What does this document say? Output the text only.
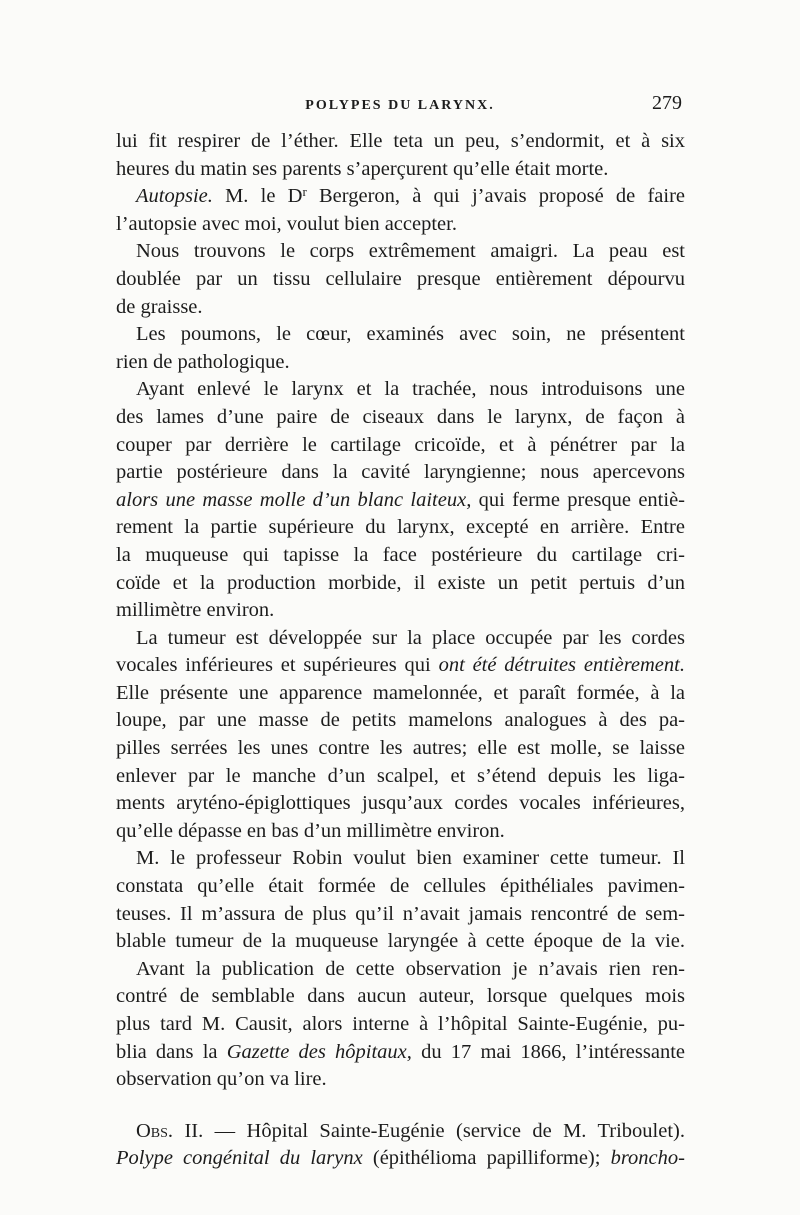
POLYPES DU LARYNX.	279
lui fit respirer de l’éther. Elle teta un peu, s’endormit, et à six
heures du matin ses parents s’aperçurent qu’elle était morte.
Autopsie. M. le $D^r$ Bergeron, à qui j’avais proposé de faire
l’autopsie avec moi, voulut bien accepter.
Nous trouvons le corps extrêmement amaigri. La peau est
doublée par un tissu cellulaire presque entièrement dépourvu
de graisse.
Les poumons, le cœur, examinés avec soin, ne présentent
rien de pathologique.
Ayant enlevé le larynx et la trachée, nous introduisons une
des lames d’une paire de ciseaux dans le larynx, de façon à
couper par derrière le cartilage cricoïde, et à pénétrer par la
partie postérieure dans la cavité laryngienne; nous apercevons
alors une masse molle d’un blanc laiteux, qui ferme presque entiè-
rement la partie supérieure du larynx, excepté en arrière. Entre
la muqueuse qui tapisse la face postérieure du cartilage cri-
coïde et la production morbide, il existe un petit pertuis d’un
millimètre environ.
La tumeur est développée sur la place occupée par les cordes
vocales inférieures et supérieures qui ont été détruites entièrement.
Elle présente une apparence mamelonnée, et paraît formée, à la
loupe, par une masse de petits mamelons analogues à des pa-
pilles serrées les unes contre les autres; elle est molle, se laisse
enlever par le manche d’un scalpel, et s’étend depuis les liga-
ments aryténo-épiglottiques jusqu’aux cordes vocales inférieures,
qu’elle dépasse en bas d’un millimètre environ.
M. le professeur Robin voulut bien examiner cette tumeur. Il
constata qu’elle était formée de cellules épithéliales pavimen-
teuses. Il m’assura de plus qu’il n’avait jamais rencontré de sem-
blable tumeur de la muqueuse laryngée à cette époque de la vie.
Avant la publication de cette observation je n’avais rien ren-
contré de semblable dans aucun auteur, lorsque quelques mois
plus tard M. Causit, alors interne à l’hôpital Sainte-Eugénie, pu-
blia dans la Gazette des hôpitaux, du 17 mai 1866, l’intéressante
observation qu’on va lire.
Obs. II. — Hôpital Sainte-Eugénie (service de M. Triboulet).
Polype congénital du larynx (épithélioma papilliforme); broncho-
